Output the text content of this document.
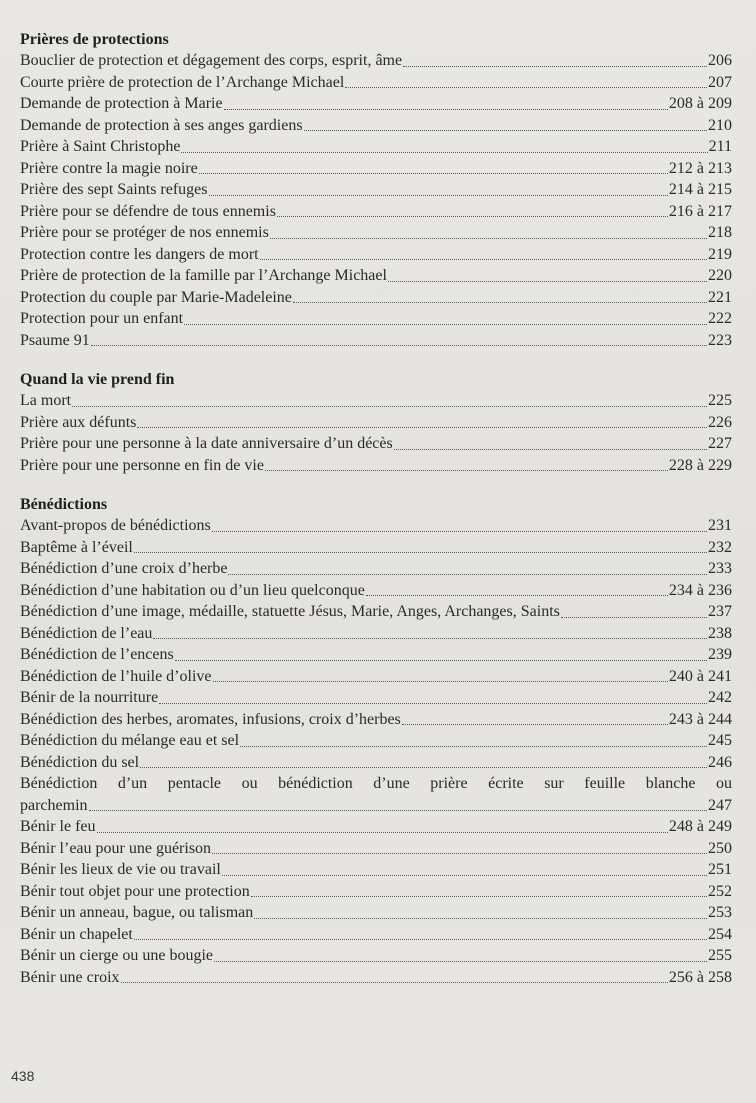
Prières de protections
Bouclier de protection et dégagement des corps, esprit, âme	206
Courte prière de protection de l’Archange Michael	207
Demande de protection à Marie	208 à 209
Demande de protection à ses anges gardiens	210
Prière à Saint Christophe	211
Prière contre la magie noire	212 à 213
Prière des sept Saints refuges	214 à 215
Prière pour se défendre de tous ennemis	216 à 217
Prière pour se protéger de nos ennemis	218
Protection contre les dangers de mort	219
Prière de protection de la famille par l’Archange Michael	220
Protection du couple par Marie-Madeleine	221
Protection pour un enfant	222
Psaume 91	223
Quand la vie prend fin
La mort	225
Prière aux défunts	226
Prière pour une personne à la date anniversaire d’un décès	227
Prière pour une personne en fin de vie	228 à 229
Bénédictions
Avant-propos de bénédictions	231
Baptême à l’éveil	232
Bénédiction d’une croix d’herbe	233
Bénédiction d’une habitation ou d’un lieu quelconque	234 à 236
Bénédiction d’une image, médaille, statuette Jésus, Marie, Anges, Archanges, Saints	237
Bénédiction de l’eau	238
Bénédiction de l’encens	239
Bénédiction de l’huile d’olive	240 à 241
Bénir de la nourriture	242
Bénédiction des herbes, aromates, infusions, croix d’herbes	243 à 244
Bénédiction du mélange eau et sel	245
Bénédiction du sel	246
Bénédiction d’un pentacle ou bénédiction d’une prière écrite sur feuille blanche ou
parchemin	247
Bénir le feu	248 à 249
Bénir l’eau pour une guérison	250
Bénir les lieux de vie ou travail	251
Bénir tout objet pour une protection	252
Bénir un anneau, bague, ou talisman	253
Bénir un chapelet	254
Bénir un cierge ou une bougie	255
Bénir une croix	256 à 258
438
